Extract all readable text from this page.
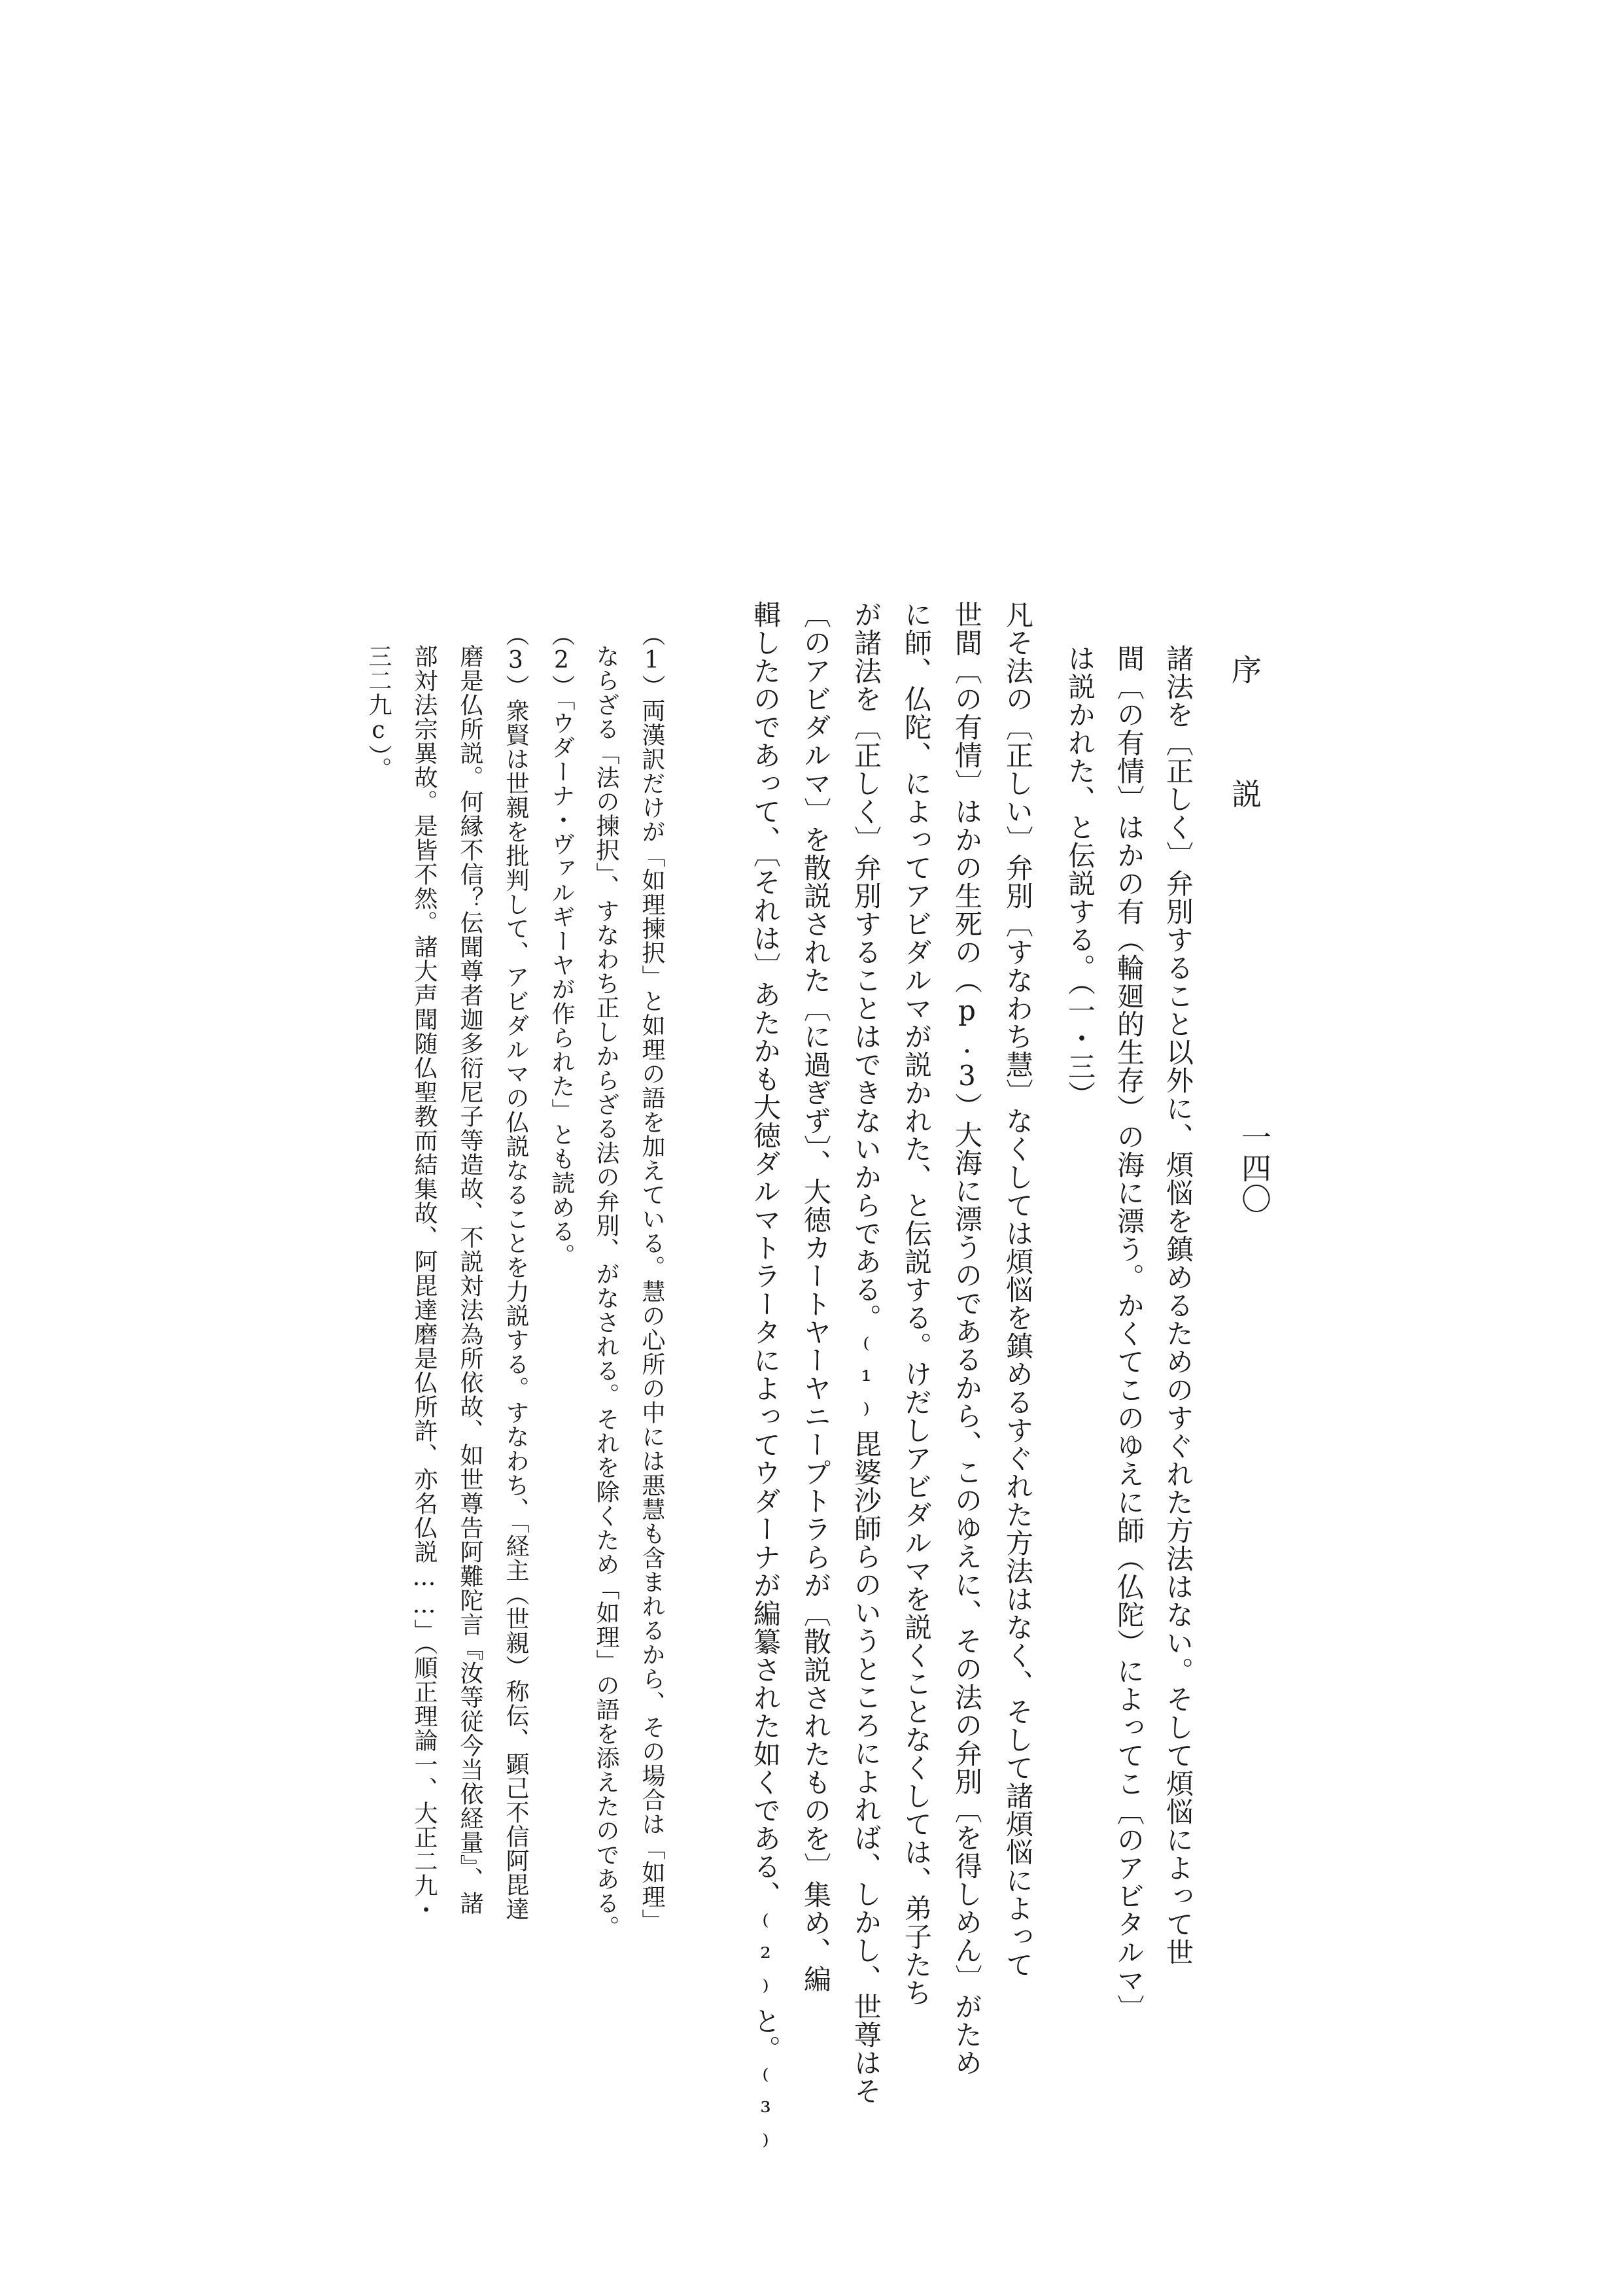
一四〇
序
説
諸法を〔正しく〕弁別すること以外に、煩悩を鎮めるためのすぐれた方法はない。そして煩悩によって世
間〔の有情〕はかの有（輪廻的生存）の海に漂う。かくてこのゆえに師（仏陀）によってこ〔のアビタルマ〕
は説かれた、と伝説する。（一・三）
凡そ法の〔正しい〕弁別〔すなわち慧〕なくしては煩悩を鎮めるすぐれた方法はなく、そして諸煩悩によって
世間〔の有情〕はかの生死の（p.3）大海に漂うのであるから、このゆえに、その法の弁別〔を得しめん〕がため
に師、仏陀、によってアビダルマが説かれた、と伝説する。けだしアビダルマを説くことなくしては、弟子たち
が諸法を〔正しく〕弁別することはできないからである。⁽¹⁾毘婆沙師らのいうところによれば、しかし、世尊はそ
〔のアビダルマ〕を散説された〔に過ぎず〕、大徳カートヤーヤニープトラらが〔散説されたものを〕集め、編
輯したのであって、〔それは〕あたかも大徳ダルマトラータによってウダーナが編纂された如くである、⁽²⁾と。⁽³⁾
（1）両漢訳だけが「如理揀択」と如理の語を加えている。慧の心所の中には悪慧も含まれるから、その場合は「如理」
ならざる「法の揀択」、すなわち正しからざる法の弁別、がなされる。それを除くため「如理」の語を添えたのである。
（2）「ウダーナ・ヴァルギーヤが作られた」とも読める。
（3）衆賢は世親を批判して、アビダルマの仏説なることを力説する。すなわち、「経主（世親）称伝、顕己不信阿毘達
磨是仏所説。何縁不信？伝聞尊者迦多衍尼子等造故、不説対法為所依故、如世尊告阿難陀言『汝等従今当依経量』、諸
部対法宗異故。是皆不然。諸大声聞随仏聖教而結集故、阿毘達磨是仏所許、亦名仏説……」（順正理論一、大正二九・
三二九c）。
